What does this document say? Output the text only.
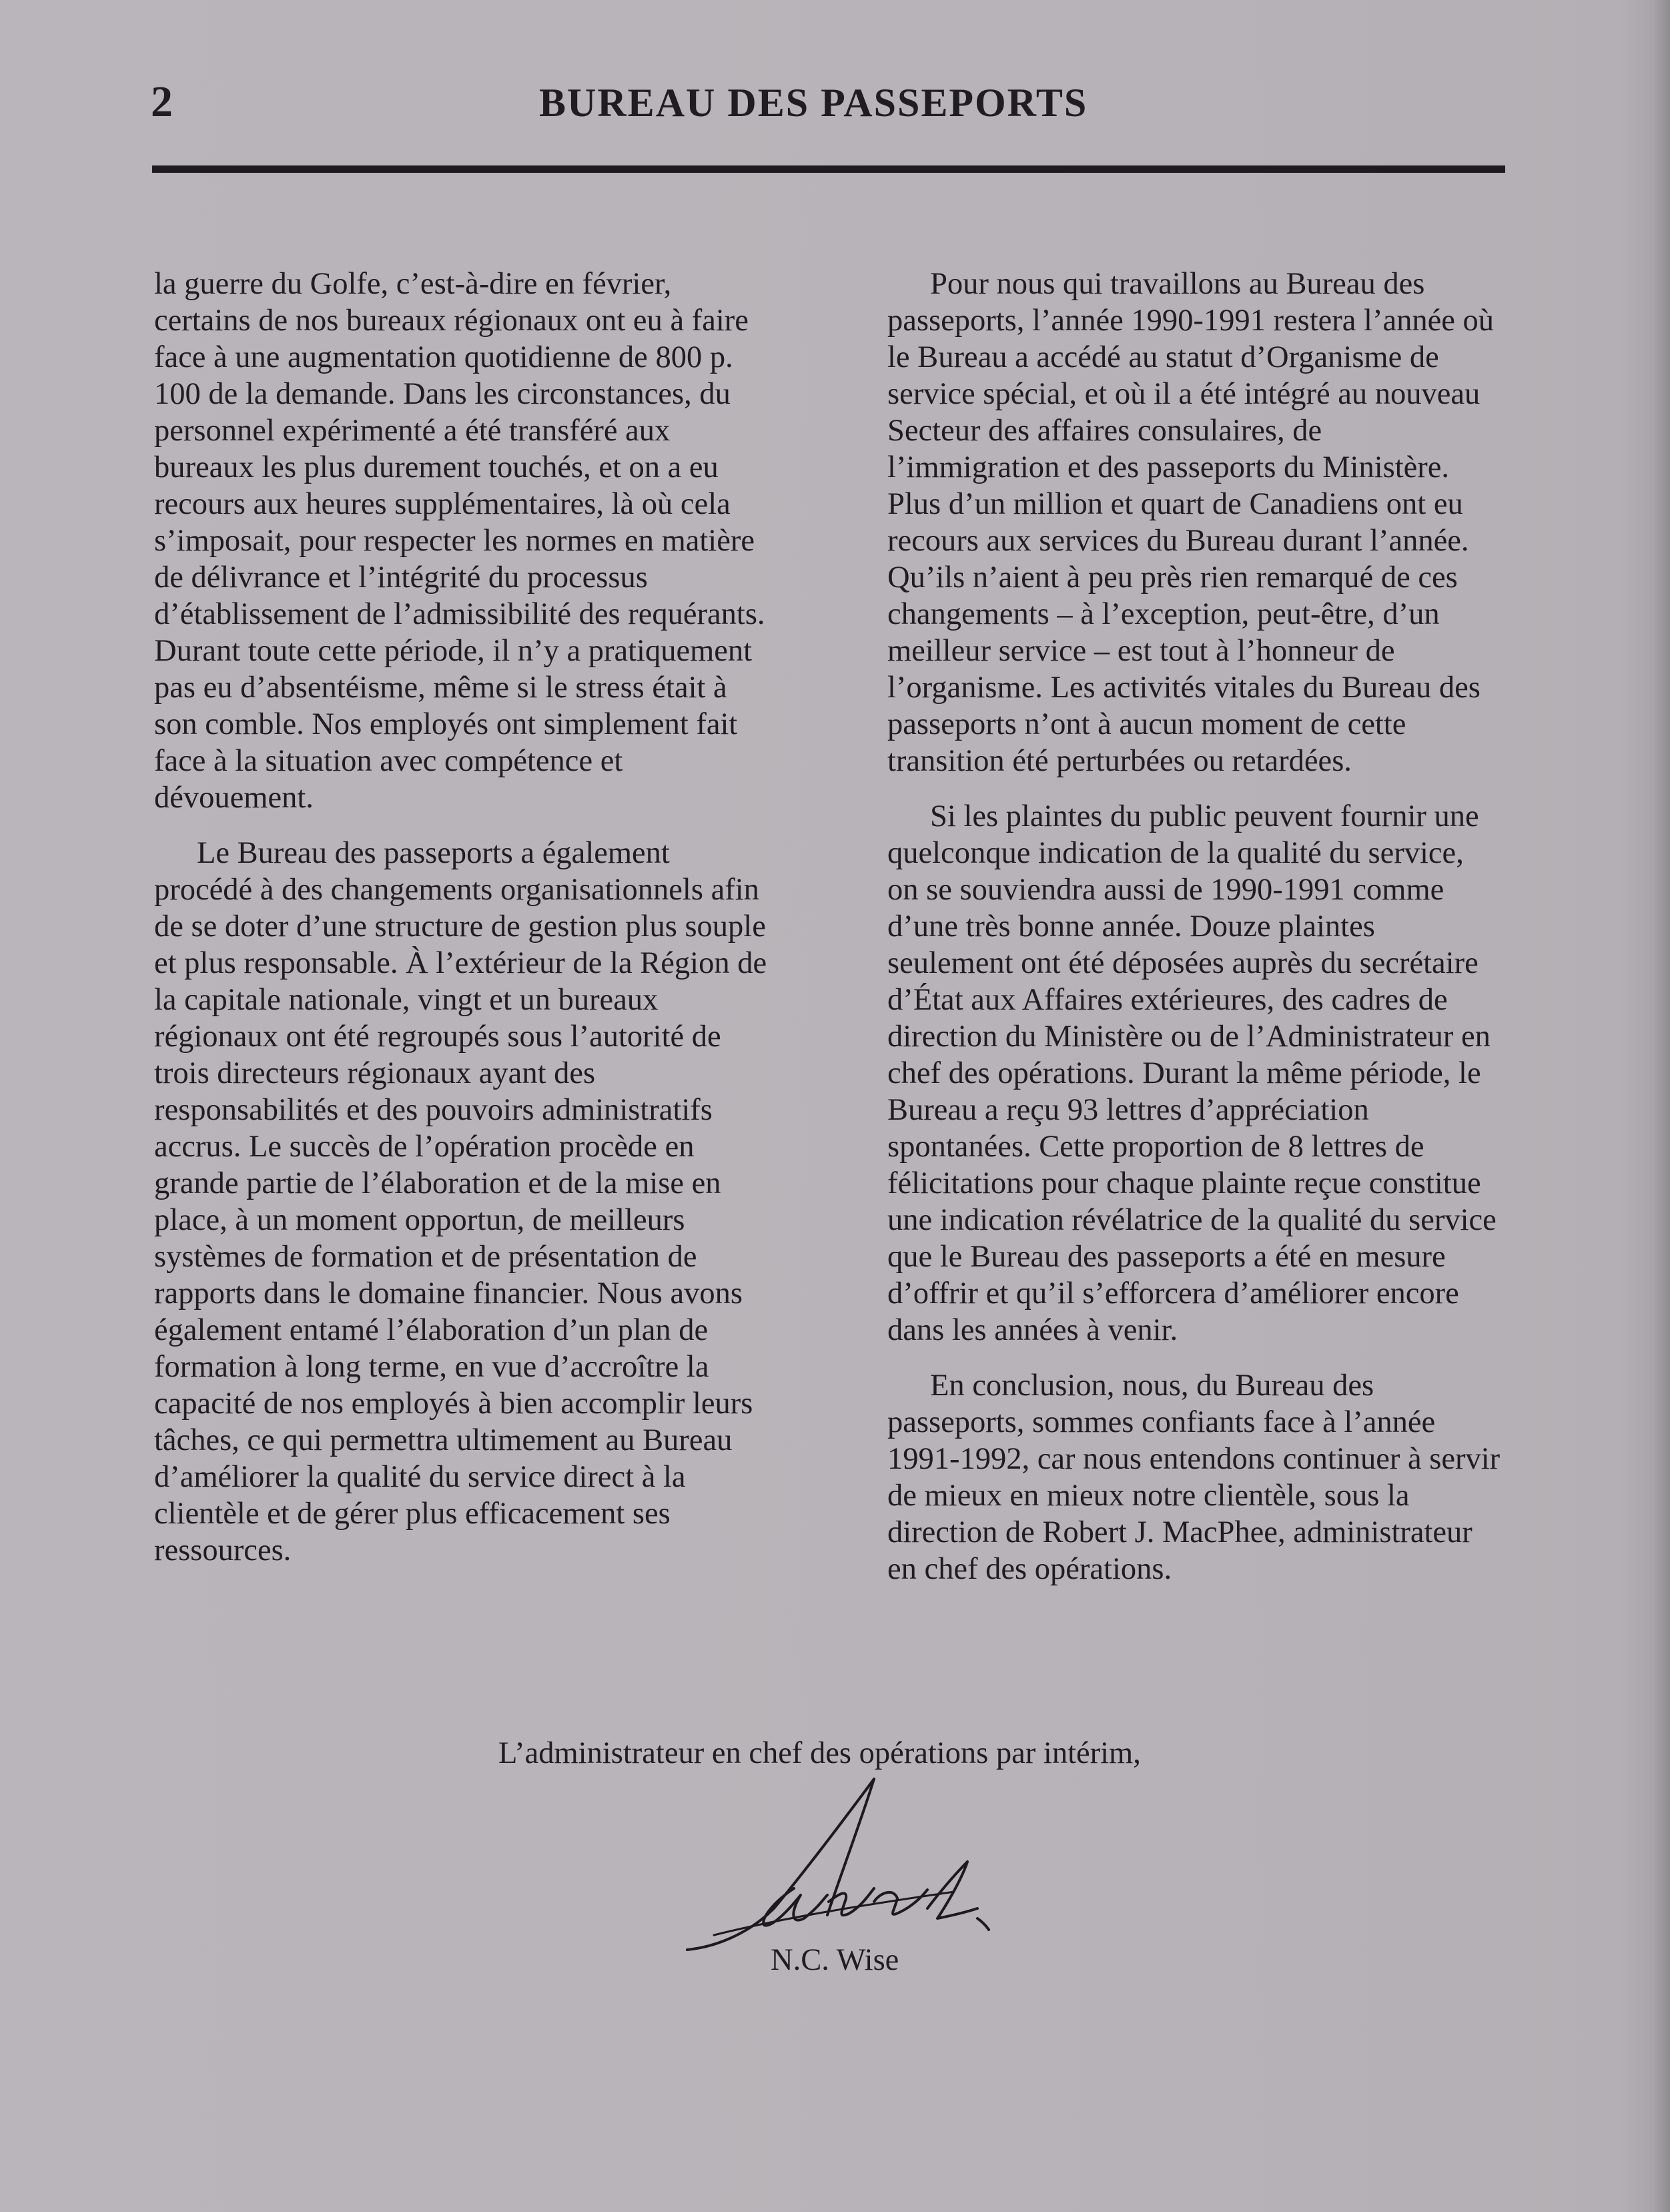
2	BUREAU DES PASSEPORTS

la guerre du Golfe, c’est-à-dire en février, certains de nos bureaux régionaux ont eu à faire face à une augmentation quotidienne de 800 p. 100 de la demande. Dans les circonstances, du personnel expérimenté a été transféré aux bureaux les plus durement touchés, et on a eu recours aux heures supplémentaires, là où cela s’imposait, pour respecter les normes en matière de délivrance et l’intégrité du processus d’établissement de l’admissibilité des requérants. Durant toute cette période, il n’y a pratiquement pas eu d’absentéisme, même si le stress était à son comble. Nos employés ont simplement fait face à la situation avec compétence et dévouement.

Le Bureau des passeports a également procédé à des changements organisationnels afin de se doter d’une structure de gestion plus souple et plus responsable. À l’extérieur de la Région de la capitale nationale, vingt et un bureaux régionaux ont été regroupés sous l’autorité de trois directeurs régionaux ayant des responsabilités et des pouvoirs administratifs accrus. Le succès de l’opération procède en grande partie de l’élaboration et de la mise en place, à un moment opportun, de meilleurs systèmes de formation et de présentation de rapports dans le domaine financier. Nous avons également entamé l’élaboration d’un plan de formation à long terme, en vue d’accroître la capacité de nos employés à bien accomplir leurs tâches, ce qui permettra ultimement au Bureau d’améliorer la qualité du service direct à la clientèle et de gérer plus efficacement ses ressources.

Pour nous qui travaillons au Bureau des passeports, l’année 1990-1991 restera l’année où le Bureau a accédé au statut d’Organisme de service spécial, et où il a été intégré au nouveau Secteur des affaires consulaires, de l’immigration et des passeports du Ministère. Plus d’un million et quart de Canadiens ont eu recours aux services du Bureau durant l’année. Qu’ils n’aient à peu près rien remarqué de ces changements – à l’exception, peut-être, d’un meilleur service – est tout à l’honneur de l’organisme. Les activités vitales du Bureau des passeports n’ont à aucun moment de cette transition été perturbées ou retardées.

Si les plaintes du public peuvent fournir une quelconque indication de la qualité du service, on se souviendra aussi de 1990-1991 comme d’une très bonne année. Douze plaintes seulement ont été déposées auprès du secrétaire d’État aux Affaires extérieures, des cadres de direction du Ministère ou de l’Administrateur en chef des opérations. Durant la même période, le Bureau a reçu 93 lettres d’appréciation spontanées. Cette proportion de 8 lettres de félicitations pour chaque plainte reçue constitue une indication révélatrice de la qualité du service que le Bureau des passeports a été en mesure d’offrir et qu’il s’efforcera d’améliorer encore dans les années à venir.

En conclusion, nous, du Bureau des passeports, sommes confiants face à l’année 1991-1992, car nous entendons continuer à servir de mieux en mieux notre clientèle, sous la direction de Robert J. MacPhee, administrateur en chef des opérations.

L’administrateur en chef des opérations par intérim,
N.C. Wise
